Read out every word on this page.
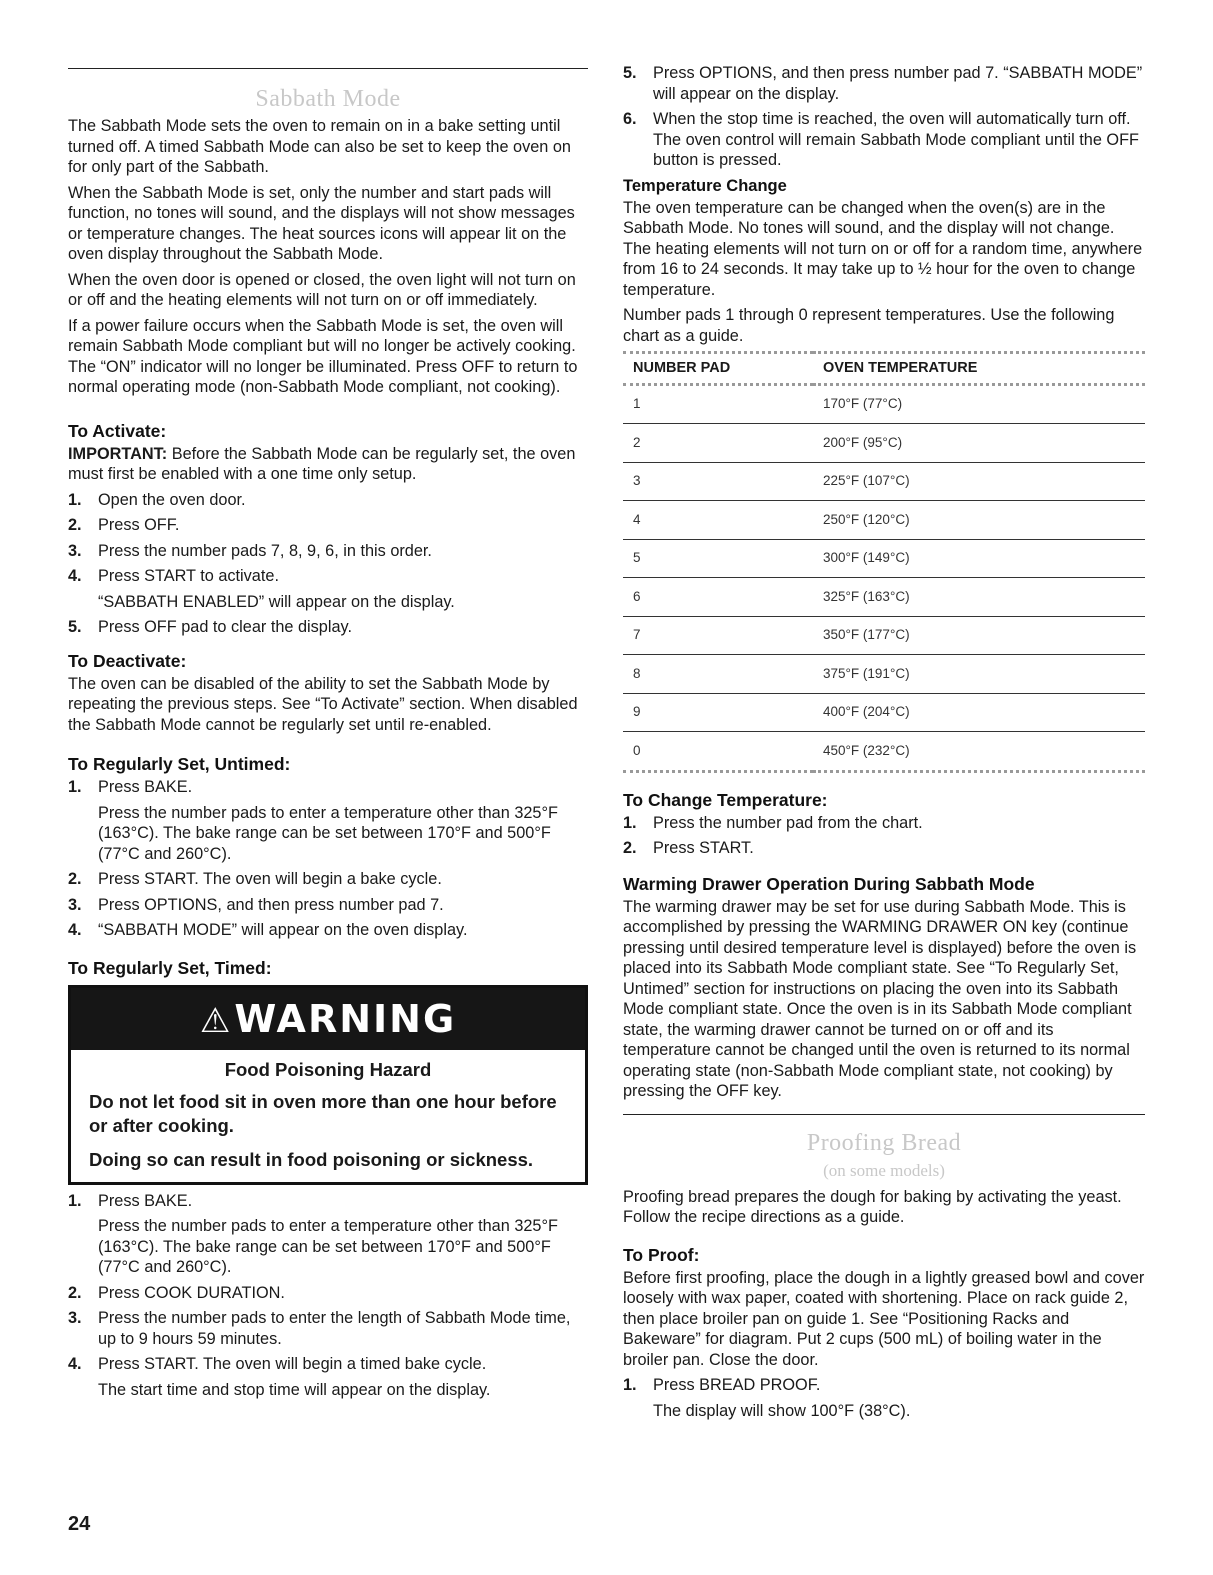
Sabbath Mode

The Sabbath Mode sets the oven to remain on in a bake setting until turned off. A timed Sabbath Mode can also be set to keep the oven on for only part of the Sabbath.

When the Sabbath Mode is set, only the number and start pads will function, no tones will sound, and the displays will not show messages or temperature changes. The heat sources icons will appear lit on the oven display throughout the Sabbath Mode.

When the oven door is opened or closed, the oven light will not turn on or off and the heating elements will not turn on or off immediately.

If a power failure occurs when the Sabbath Mode is set, the oven will remain Sabbath Mode compliant but will no longer be actively cooking. The “ON” indicator will no longer be illuminated. Press OFF to return to normal operating mode (non-Sabbath Mode compliant, not cooking).

To Activate:

IMPORTANT: Before the Sabbath Mode can be regularly set, the oven must first be enabled with a one time only setup.

1. Open the oven door.
2. Press OFF.
3. Press the number pads 7, 8, 9, 6, in this order.
4. Press START to activate.
“SABBATH ENABLED” will appear on the display.
5. Press OFF pad to clear the display.
To Deactivate:

The oven can be disabled of the ability to set the Sabbath Mode by repeating the previous steps. See “To Activate” section. When disabled the Sabbath Mode cannot be regularly set until re-enabled.

To Regularly Set, Untimed:
1. Press BAKE.
Press the number pads to enter a temperature other than 325°F (163°C). The bake range can be set between 170°F and 500°F (77°C and 260°C).
2. Press START. The oven will begin a bake cycle.
3. Press OPTIONS, and then press number pad 7.
4. “SABBATH MODE” will appear on the oven display.
To Regularly Set, Timed:
⚠WARNING
Food Poisoning Hazard
Do not let food sit in oven more than one hour before or after cooking.
Doing so can result in food poisoning or sickness.
1. Press BAKE.
Press the number pads to enter a temperature other than 325°F (163°C). The bake range can be set between 170°F and 500°F (77°C and 260°C).
2. Press COOK DURATION.
3. Press the number pads to enter the length of Sabbath Mode time, up to 9 hours 59 minutes.
4. Press START. The oven will begin a timed bake cycle.
The start time and stop time will appear on the display.
5. Press OPTIONS, and then press number pad 7. “SABBATH MODE” will appear on the display.
6. When the stop time is reached, the oven will automatically turn off. The oven control will remain Sabbath Mode compliant until the OFF button is pressed.
Temperature Change

The oven temperature can be changed when the oven(s) are in the Sabbath Mode. No tones will sound, and the display will not change. The heating elements will not turn on or off for a random time, anywhere from 16 to 24 seconds. It may take up to ½ hour for the oven to change temperature.

Number pads 1 through 0 represent temperatures. Use the following chart as a guide.

NUMBER PAD	OVEN TEMPERATURE
1	170°F (77°C)
2	200°F (95°C)
3	225°F (107°C)
4	250°F (120°C)
5	300°F (149°C)
6	325°F (163°C)
7	350°F (177°C)
8	375°F (191°C)
9	400°F (204°C)
0	450°F (232°C)
To Change Temperature:
1. Press the number pad from the chart.
2. Press START.
Warming Drawer Operation During Sabbath Mode

The warming drawer may be set for use during Sabbath Mode. This is accomplished by pressing the WARMING DRAWER ON key (continue pressing until desired temperature level is displayed) before the oven is placed into its Sabbath Mode compliant state. See “To Regularly Set, Untimed” section for instructions on placing the oven into its Sabbath Mode compliant state. Once the oven is in its Sabbath Mode compliant state, the warming drawer cannot be turned on or off and its temperature cannot be changed until the oven is returned to its normal operating state (non-Sabbath Mode compliant state, not cooking) by pressing the OFF key.

Proofing Bread
(on some models)

Proofing bread prepares the dough for baking by activating the yeast. Follow the recipe directions as a guide.

To Proof:

Before first proofing, place the dough in a lightly greased bowl and cover loosely with wax paper, coated with shortening. Place on rack guide 2, then place broiler pan on guide 1. See “Positioning Racks and Bakeware” for diagram. Put 2 cups (500 mL) of boiling water in the broiler pan. Close the door.

1. Press BREAD PROOF.
The display will show 100°F (38°C).
24
